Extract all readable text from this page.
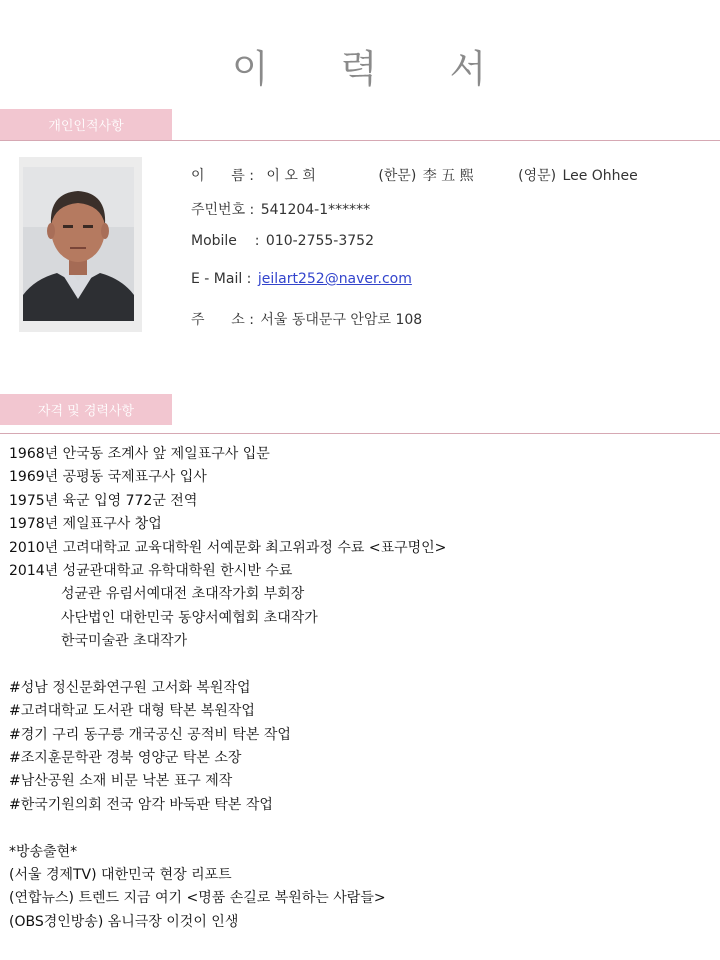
이 력 서
개인인적사항
이      름 : 이 오 희	(한문) 李 五 熙	(영문) Lee Ohhee
주민번호 : 541204-1******
Mobile    : 010-2755-3752
E - Mail : jeilart252@naver.com
주      소 : 서울 동대문구 안암로 108
자격 및 경력사항
1968년 안국동 조계사 앞 제일표구사 입문
1969년 공평동 국제표구사 입사
1975년 육군 입영 772군 전역
1978년 제일표구사 창업
2010년 고려대학교 교육대학원 서예문화 최고위과정 수료 <표구명인>
2014년 성균관대학교 유학대학원 한시반 수료
성균관 유림서예대전 초대작가회 부회장
사단법인 대한민국 동양서예협회 초대작가
한국미술관 초대작가
#성남 정신문화연구원 고서화 복원작업
#고려대학교 도서관 대형 탁본 복원작업
#경기 구리 동구릉 개국공신 공적비 탁본 작업
#조지훈문학관 경북 영양군 탁본 소장
#남산공원 소재 비문 낙본 표구 제작
#한국기원의회 전국 암각 바둑판 탁본 작업
*방송출현*
(서울 경제TV) 대한민국 현장 리포트
(연합뉴스) 트렌드 지금 여기 <명품 손길로 복원하는 사람들>
(OBS경인방송) 옴니극장 이것이 인생
